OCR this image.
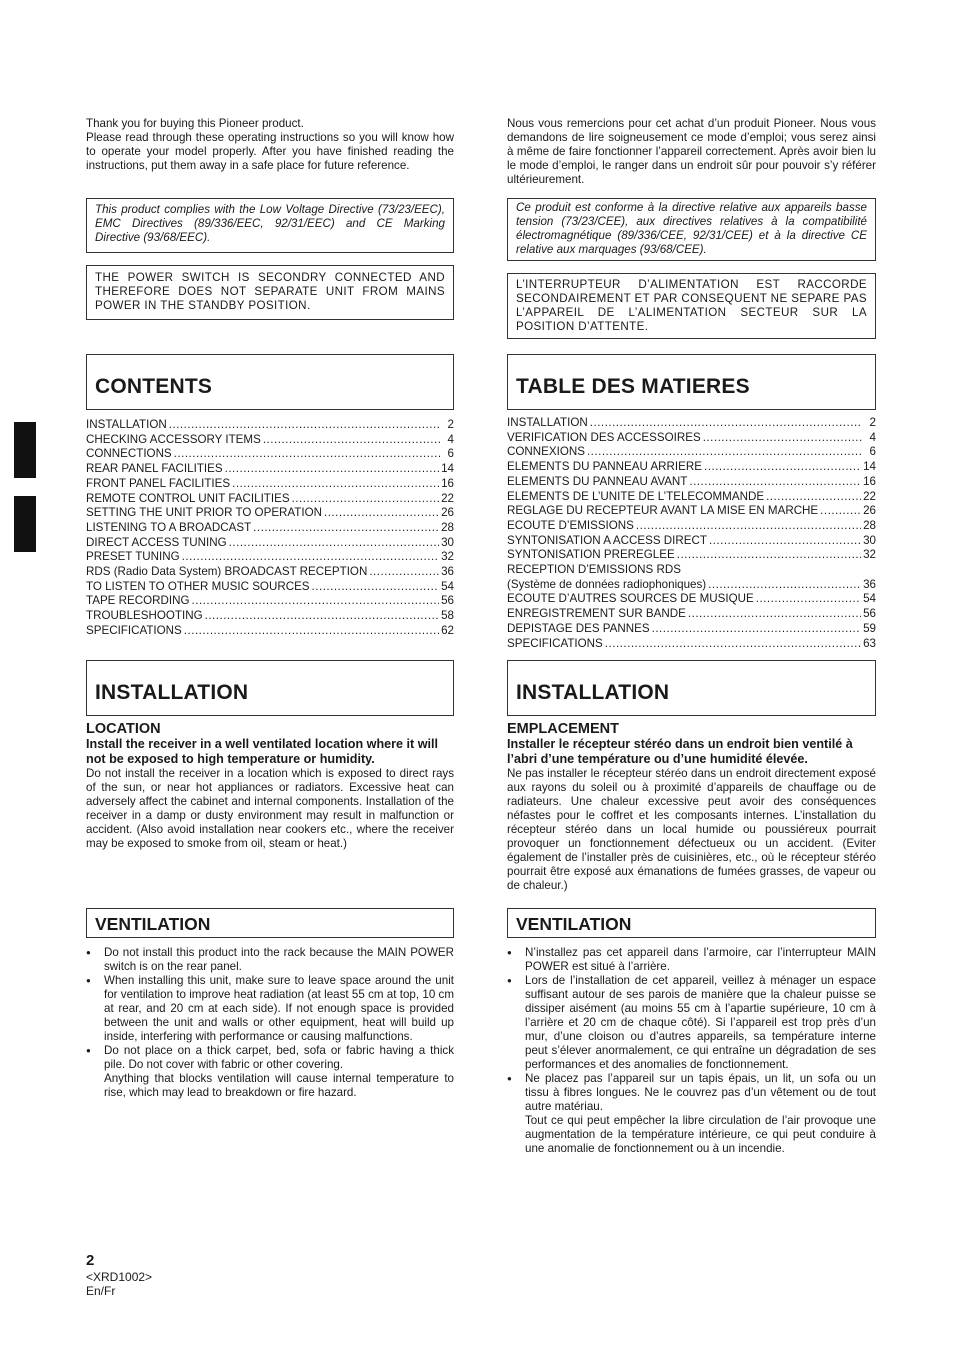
Thank you for buying this Pioneer product.

Please read through these operating instructions so you will know how to operate your model properly. After you have finished reading the instructions, put them away in a safe place for future reference.

This product complies with the Low Voltage Directive (73/23/EEC), EMC Directives (89/336/EEC, 92/31/EEC) and CE Marking Directive (93/68/EEC).

THE POWER SWITCH IS SECONDRY CONNECTED AND THEREFORE DOES NOT SEPARATE UNIT FROM MAINS POWER IN THE STANDBY POSITION.

CONTENTS
INSTALLATION .....	2
CHECKING ACCESSORY ITEMS .....	4
CONNECTIONS .....	6
REAR PANEL FACILITIES .....	14
FRONT PANEL FACILITIES .....	16
REMOTE CONTROL UNIT FACILITIES .....	22
SETTING THE UNIT PRIOR TO OPERATION .....	26
LISTENING TO A BROADCAST .....	28
DIRECT ACCESS TUNING .....	30
PRESET TUNING .....	32
RDS (Radio Data System) BROADCAST RECEPTION .....	36
TO LISTEN TO OTHER MUSIC SOURCES .....	54
TAPE RECORDING .....	56
TROUBLESHOOTING .....	58
SPECIFICATIONS .....	62
INSTALLATION
LOCATION

Install the receiver in a well ventilated location where it will not be exposed to high temperature or humidity.

Do not install the receiver in a location which is exposed to direct rays of the sun, or near hot appliances or radiators. Excessive heat can adversely affect the cabinet and internal components. Installation of the receiver in a damp or dusty environment may result in malfunction or accident. (Also avoid installation near cookers etc., where the receiver may be exposed to smoke from oil, steam or heat.)

VENTILATION
● Do not install this product into the rack because the MAIN POWER switch is on the rear panel.
● When installing this unit, make sure to leave space around the unit for ventilation to improve heat radiation (at least 55 cm at top, 10 cm at rear, and 20 cm at each side). If not enough space is provided between the unit and walls or other equipment, heat will build up inside, interfering with performance or causing malfunctions.

● Do not place on a thick carpet, bed, sofa or fabric having a thick pile. Do not cover with fabric or other covering.

Anything that blocks ventilation will cause internal temperature to rise, which may lead to breakdown or fire hazard.

Nous vous remercions pour cet achat d’un produit Pioneer. Nous vous demandons de lire soigneusement ce mode d’emploi; vous serez ainsi à même de faire fonctionner l’appareil correctement. Après avoir bien lu le mode d’emploi, le ranger dans un endroit sûr pour pouvoir s’y référer ultérieurement.

Ce produit est conforme à la directive relative aux appareils basse tension (73/23/CEE), aux directives relatives à la compatibilité électromagnétique (89/336/CEE, 92/31/CEE) et à la directive CE relative aux marquages (93/68/CEE).

L’INTERRUPTEUR D’ALIMENTATION EST RACCORDE SECONDAIREMENT ET PAR CONSEQUENT NE SEPARE PAS L’APPAREIL DE L’ALIMENTATION SECTEUR SUR LA POSITION D’ATTENTE.

TABLE DES MATIERES
INSTALLATION .....	2
VERIFICATION DES ACCESSOIRES .....	4
CONNEXIONS .....	6
ELEMENTS DU PANNEAU ARRIERE .....	14
ELEMENTS DU PANNEAU AVANT .....	16
ELEMENTS DE L’UNITE DE L’TELECOMMANDE .....	22
REGLAGE DU RECEPTEUR AVANT LA MISE EN MARCHE .....	26
ECOUTE D’EMISSIONS .....	28
SYNTONISATION A ACCESS DIRECT .....	30
SYNTONISATION PREREGLEE .....	32
RECEPTION D’EMISSIONS RDS
(Système de données radiophoniques) .....	36
ECOUTE D’AUTRES SOURCES DE MUSIQUE .....	54
ENREGISTREMENT SUR BANDE .....	56
DEPISTAGE DES PANNES .....	59
SPECIFICATIONS .....	63
INSTALLATION
EMPLACEMENT

Installer le récepteur stéréo dans un endroit bien ventilé à l’abri d’une température ou d’une humidité élevée.

Ne pas installer le récepteur stéréo dans un endroit directement exposé aux rayons du soleil ou à proximité d’appareils de chauffage ou de radiateurs. Une chaleur excessive peut avoir des conséquences néfastes pour le coffret et les composants internes. L’installation du récepteur stéréo dans un local humide ou poussiéreux pourrait provoquer un fonctionnement défectueux ou un accident. (Eviter également de l’installer près de cuisinières, etc., où le récepteur stéréo pourrait être exposé aux émanations de fumées grasses, de vapeur ou de chaleur.)

VENTILATION
● N’installez pas cet appareil dans l’armoire, car l’interrupteur MAIN POWER est situé à l’arrière.
● Lors de l’installation de cet appareil, veillez à ménager un espace suffisant autour de ses parois de manière que la chaleur puisse se dissiper aisément (au moins 55 cm à l’apartie supérieure, 10 cm à l’arrière et 20 cm de chaque côté). Si l’appareil est trop près d’un mur, d’une cloison ou d’autres appareils, sa température interne peut s’élever anormalement, ce qui entraîne un dégradation de ses performances et des anomalies de fonctionnement.

● Ne placez pas l’appareil sur un tapis épais, un lit, un sofa ou un tissu à fibres longues. Ne le couvrez pas d’un vêtement ou de tout autre matériau.

Tout ce qui peut empêcher la libre circulation de l’air provoque une augmentation de la température intérieure, ce qui peut conduire à une anomalie de fonctionnement ou à un incendie.

2
<XRD1002>
En/Fr
